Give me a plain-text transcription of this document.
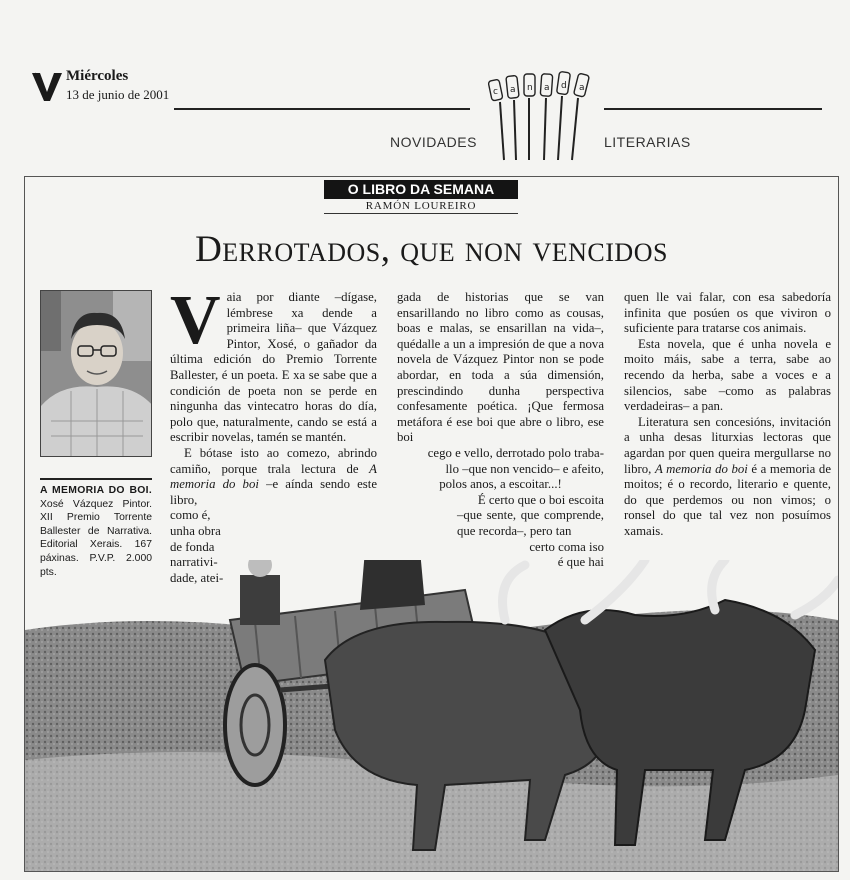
Miércoles
13 de junio de 2001	c a n a d a
NOVIDADES	LITERARIAS
O LIBRO DA SEMANA
RAMÓN LOUREIRO
Derrotados, que non vencidos
A MEMORIA DO BOI. Xosé Vázquez Pintor. XII Premio Torrente Ballester de Narrativa. Editorial Xerais. 167 páxinas. P.V.P. 2.000 pts.

V aia por diante –dígase, lémbrese xa dende a primeira liña– que Vázquez Pintor, Xosé, o gañador da última edición do Premio Torrente Ballester, é un poeta. E xa se sabe que a condición de poeta non se perde en ningunha das vintecatro horas do día, polo que, naturalmente, cando se está a escribir novelas, tamén se mantén.

E bótase isto ao comezo, abrindo camiño, porque trala lectura de A memoria do boi –e aínda sendo este libro,

como é,
unha obra
de fonda
narrativi-
dade, atei-

gada de historias que se van ensarillando no libro como as cousas, boas e malas, se ensarillan na vida–, quédalle a un a impresión de que a nova novela de Vázquez Pintor non se pode abordar, en toda a súa dimensión, prescindindo dunha perspectiva confesamente poética. ¡Que fermosa metáfora é ese boi que abre o libro, ese boi

cego e vello, derrotado polo traba-

llo –que non vencido– e afeito,

polos anos, a escoitar...!

É certo que o boi escoita

–que sente, que comprende, que recorda–, pero tan

certo coma iso

é que hai

quen lle vai falar, con esa sabedoría infinita que posúen os que viviron o suficiente para tratarse cos animais.

Esta novela, que é unha novela e moito máis, sabe a terra, sabe ao recendo da herba, sabe a voces e a silencios, sabe –como as palabras verdadeiras– a pan.

Literatura sen concesións, invitación a unha desas liturxias lectoras que agardan por quen queira mergullarse no libro, A memoria do boi é a memoria de moitos; é o recordo, literario e quente, do que perdemos ou non vimos; o ronsel do que tal vez non posuímos xamais.
